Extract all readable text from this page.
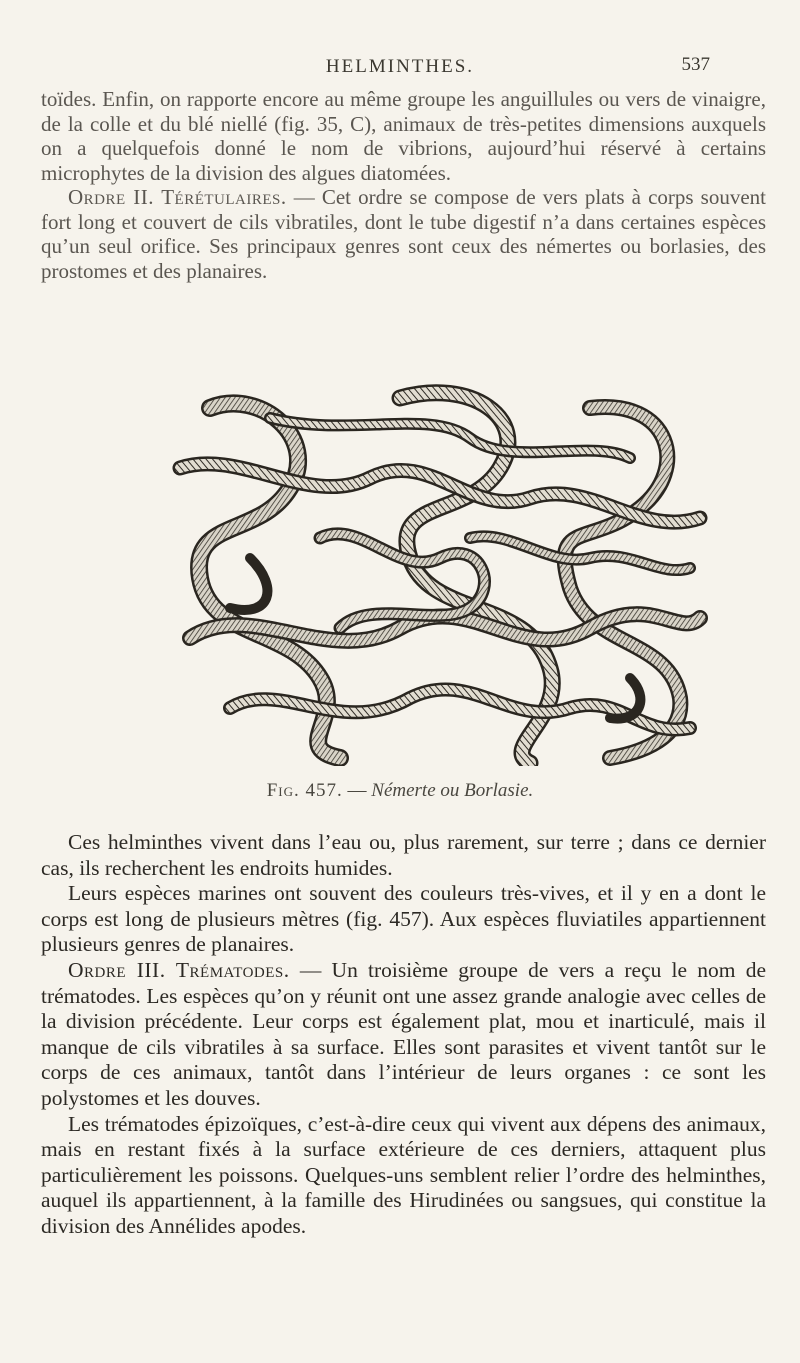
HELMINTHES.	537

toïdes. Enfin, on rapporte encore au même groupe les anguillules ou vers de vinaigre, de la colle et du blé niellé (fig. 35, C), animaux de très-petites dimensions auxquels on a quelquefois donné le nom de vibrions, aujourd’hui réservé à certains microphytes de la division des algues diatomées.

Ordre II. Térétulaires. — Cet ordre se compose de vers plats à corps souvent fort long et couvert de cils vibratiles, dont le tube digestif n’a dans certaines espèces qu’un seul orifice. Ses principaux genres sont ceux des némertes ou borlasies, des prostomes et des planaires.

Fig. 457. — Némerte ou Borlasie.

Ces helminthes vivent dans l’eau ou, plus rarement, sur terre ; dans ce dernier cas, ils recherchent les endroits humides.

Leurs espèces marines ont souvent des couleurs très-vives, et il y en a dont le corps est long de plusieurs mètres (fig. 457). Aux espèces fluviatiles appartiennent plusieurs genres de planaires.

Ordre III. Trématodes. — Un troisième groupe de vers a reçu le nom de trématodes. Les espèces qu’on y réunit ont une assez grande analogie avec celles de la division précédente. Leur corps est également plat, mou et inarticulé, mais il manque de cils vibratiles à sa surface. Elles sont parasites et vivent tantôt sur le corps de ces animaux, tantôt dans l’intérieur de leurs organes : ce sont les polystomes et les douves.

Les trématodes épizoïques, c’est-à-dire ceux qui vivent aux dépens des animaux, mais en restant fixés à la surface extérieure de ces derniers, attaquent plus particulièrement les poissons. Quelques-uns semblent relier l’ordre des helminthes, auquel ils appartiennent, à la famille des Hirudinées ou sangsues, qui constitue la division des Annélides apodes.
